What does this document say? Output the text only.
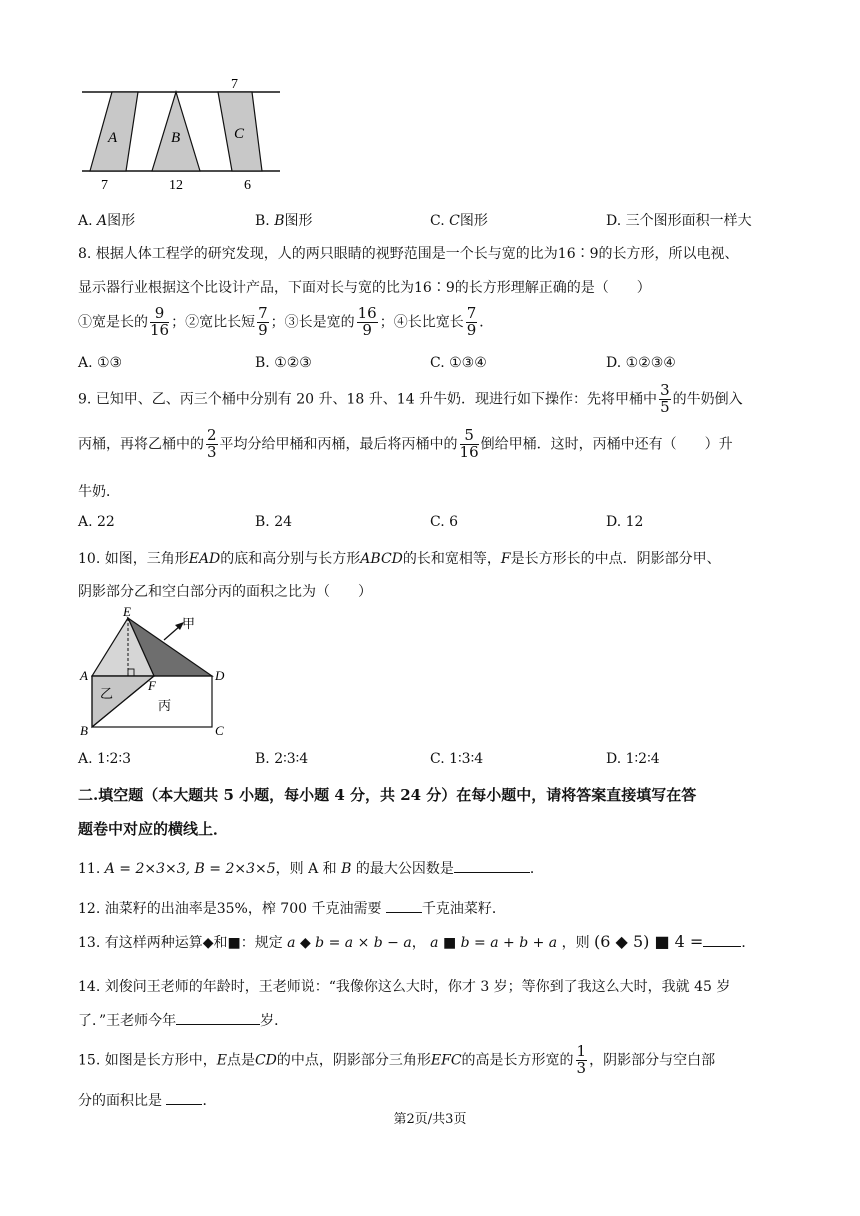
7
A	B	C
7	12	6
A. A图形	B. B图形	C. C图形	D. 三个图形面积一样大
8. 根据人体工程学的研究发现，人的两只眼睛的视野范围是一个长与宽的比为16∶9的长方形，所以电视、
显示器行业根据这个比设计产品，下面对长与宽的比为16∶9的长方形理解正确的是（　　）
①宽是长的 $\frac{9}{16}$ ；②宽比长短 $\frac{7}{9}$ ；③长是宽的 $\frac{16}{9}$ ；④长比宽长 $\frac{7}{9}$ ．
A. ①③	B. ①②③	C. ①③④	D. ①②③④
9. 已知甲、乙、丙三个桶中分别有 20 升、18 升、14 升牛奶．现进行如下操作：先将甲桶中 $\frac{3}{5}$ 的牛奶倒入
丙桶，再将乙桶中的 $\frac{2}{3}$ 平均分给甲桶和丙桶，最后将丙桶中的 $\frac{5}{16}$ 倒给甲桶．这时，丙桶中还有（　　）升
牛奶．
A. 22	B. 24	C. 6	D. 12
10. 如图，三角形EAD的底和高分别与长方形ABCD的长和宽相等，F是长方形长的中点．阴影部分甲、
阴影部分乙和空白部分丙的面积之比为（　　）
E
甲
A	D
F
乙
丙
B	C
A. 1∶2∶3	B. 2∶3∶4	C. 1∶3∶4	D. 1∶2∶4
二.填空题（本大题共 5 小题，每小题 4 分，共 24 分）在每小题中，请将答案直接填写在答
题卷中对应的横线上．
11. A = 2×3×3, B = 2×3×5，则 A 和 B 的最大公因数是	．
12. 油菜籽的出油率是35%，榨 700 千克油需要	千克油菜籽．
13. 有这样两种运算◆和■：规定 a ◆ b = a × b − a， a ■ b = a + b + a ，则 (6 ◆ 5) ■ 4 =	．
14. 刘俊问王老师的年龄时，王老师说：“我像你这么大时，你才 3 岁；等你到了我这么大时，我就 45 岁
了．”王老师今年	岁．
15. 如图是长方形中，E点是CD的中点，阴影部分三角形EFC的高是长方形宽的 $\frac{1}{3}$ ，阴影部分与空白部
分的面积比是	．
第2页/共3页
